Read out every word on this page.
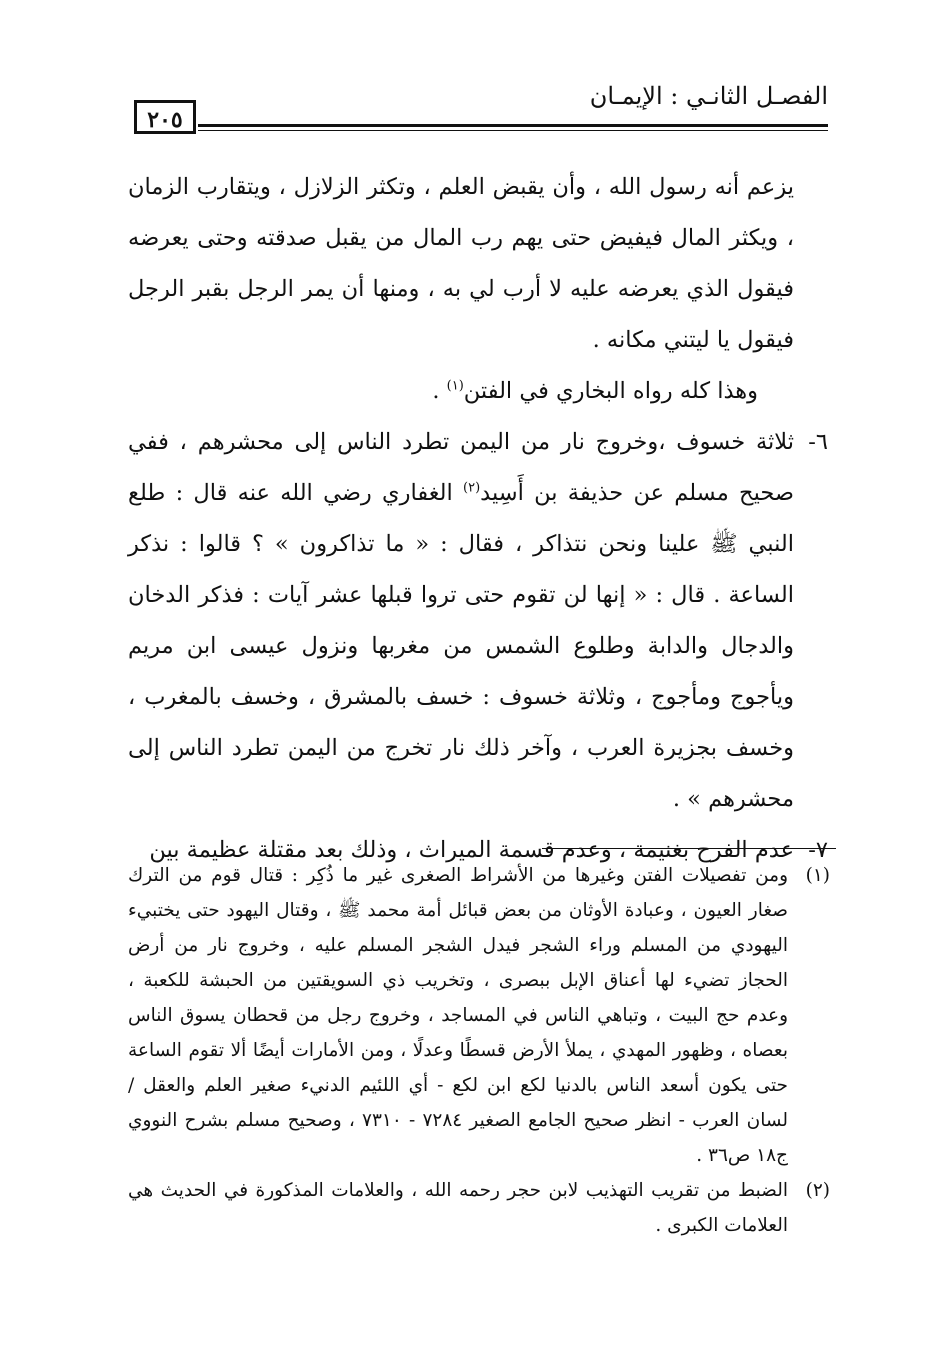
الفصـل الثانـي : الإيمـان
٢٠٥

يزعم أنه رسول الله ، وأن يقبض العلم ، وتكثر الزلازل ، ويتقارب الزمان ، ويكثر المال فيفيض حتى يهم رب المال من يقبل صدقته وحتى يعرضه فيقول الذي يعرضه عليه لا أرب لي به ، ومنها أن يمر الرجل بقبر الرجل فيقول يا ليتني مكانه .

وهذا كله رواه البخاري في الفتن$^{(١)}$ .

٦-
ثلاثة خسوف ،وخروج نار من اليمن تطرد الناس إلى محشرهم ، ففي صحيح مسلم عن حذيفة بن أَسِيد$^{(٢)}$ الغفاري رضي الله عنه قال : طلع النبي ﷺ علينا ونحن نتذاكر ، فقال : « ما تذاكرون » ؟ قالوا : نذكر الساعة . قال : « إنها لن تقوم حتى تروا قبلها عشر آيات : فذكر الدخان والدجال والدابة وطلوع الشمس من مغربها ونزول عيسى ابن مريم ويأجوج ومأجوج ، وثلاثة خسوف : خسف بالمشرق ، وخسف بالمغرب ، وخسف بجزيرة العرب ، وآخر ذلك نار تخرج من اليمن تطرد الناس إلى محشرهم » .

٧-
عدم الفرح بغنيمة ، وعدم قسمة الميراث ، وذلك بعد مقتلة عظيمة بين

(١)
ومن تفصيلات الفتن وغيرها من الأشراط الصغرى غير ما ذُكِر : قتال قوم من الترك صغار العيون ، وعبادة الأوثان من بعض قبائل أمة محمد ﷺ ، وقتال اليهود حتى يختبيء اليهودي من المسلم وراء الشجر فيدل الشجر المسلم عليه ، وخروج نار من أرض الحجاز تضيء لها أعناق الإبل ببصرى ، وتخريب ذي السويقتين من الحبشة للكعبة ، وعدم حج البيت ، وتباهي الناس في المساجد ، وخروج رجل من قحطان يسوق الناس بعصاه ، وظهور المهدي ، يملأ الأرض قسطًا وعدلًا ، ومن الأمارات أيضًا ألا تقوم الساعة حتى يكون أسعد الناس بالدنيا لكع ابن لكع - أي اللئيم الدنيء صغير العلم والعقل / لسان العرب - انظر صحيح الجامع الصغير ٧٢٨٤ - ٧٣١٠ ، وصحيح مسلم بشرح النووي ج١٨ ص٣٦ .

(٢)
الضبط من تقريب التهذيب لابن حجر رحمه الله ، والعلامات المذكورة في الحديث هي العلامات الكبرى .
